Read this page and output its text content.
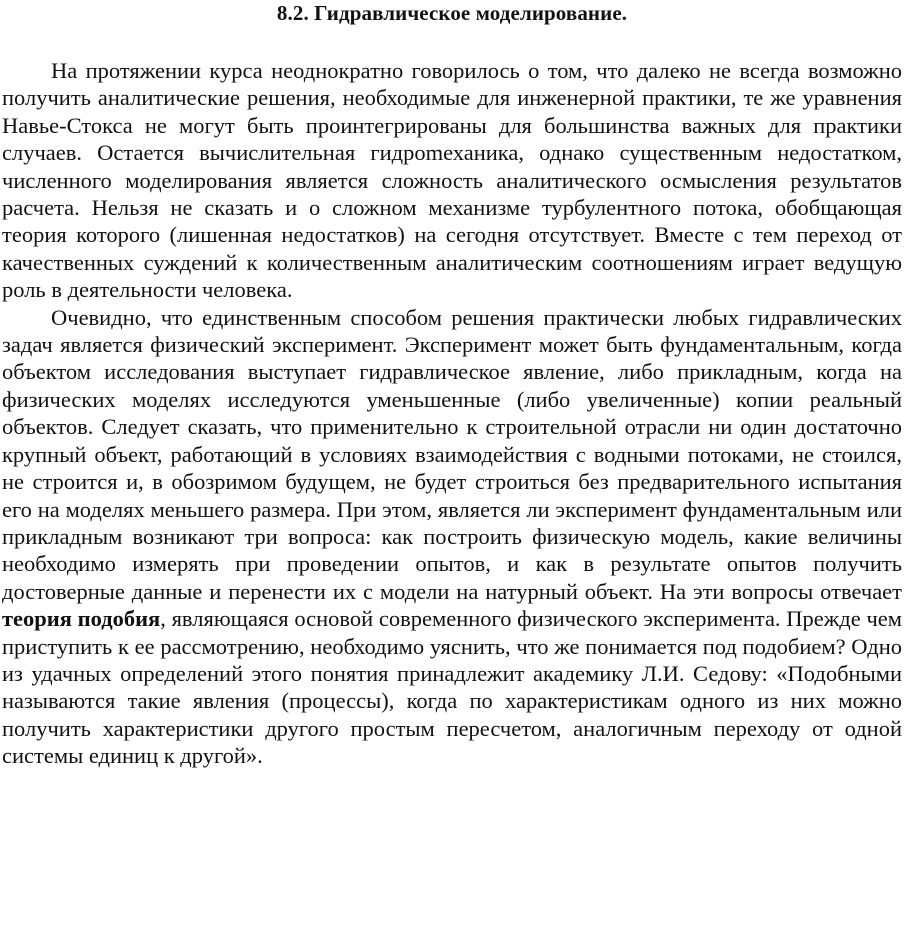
8.2. Гидравлическое моделирование.

На протяжении курса неоднократно говорилось о том, что далеко не всегда возможно получить аналитические решения, необходимые для инженерной практики, те же уравнения Навье-Стокса не могут быть проинтегрированы для большинства важных для практики случаев. Остается вычислительная гидроmеханика, однако существенным недостатком, численного моделирования является сложность аналитического осмысления результатов расчета. Нельзя не сказать и о сложном механизме турбулентного потока, обобщающая теория которого (лишенная недостатков) на сегодня отсутствует. Вместе с тем переход от качественных суждений к количественным аналитическим соотношениям играет ведущую роль в деятельности человека.

Очевидно, что единственным способом решения практически любых гидравлических задач является физический эксперимент. Эксперимент может быть фундаментальным, когда объектом исследования выступает гидравлическое явление, либо прикладным, когда на физических моделях исследуются уменьшенные (либо увеличенные) копии реальный объектов. Следует сказать, что применительно к строительной отрасли ни один достаточно крупный объект, работающий в условиях взаимодействия с водными потоками, не стоился, не строится и, в обозримом будущем, не будет строиться без предварительного испытания его на моделях меньшего размера. При этом, является ли эксперимент фундаментальным или прикладным возникают три вопроса: как построить физическую модель, какие величины необходимо измерять при проведении опытов, и как в результате опытов получить достоверные данные и перенести их с модели на натурный объект. На эти вопросы отвечает теория подобия, являющаяся основой современного физического эксперимента. Прежде чем приступить к ее рассмотрению, необходимо уяснить, что же понимается под подобием? Одно из удачных определений этого понятия принадлежит академику Л.И. Седову: «Подобными называются такие явления (процессы), когда по характеристикам одного из них можно получить характеристики другого простым пересчетом, аналогичным переходу от одной системы единиц к другой».
